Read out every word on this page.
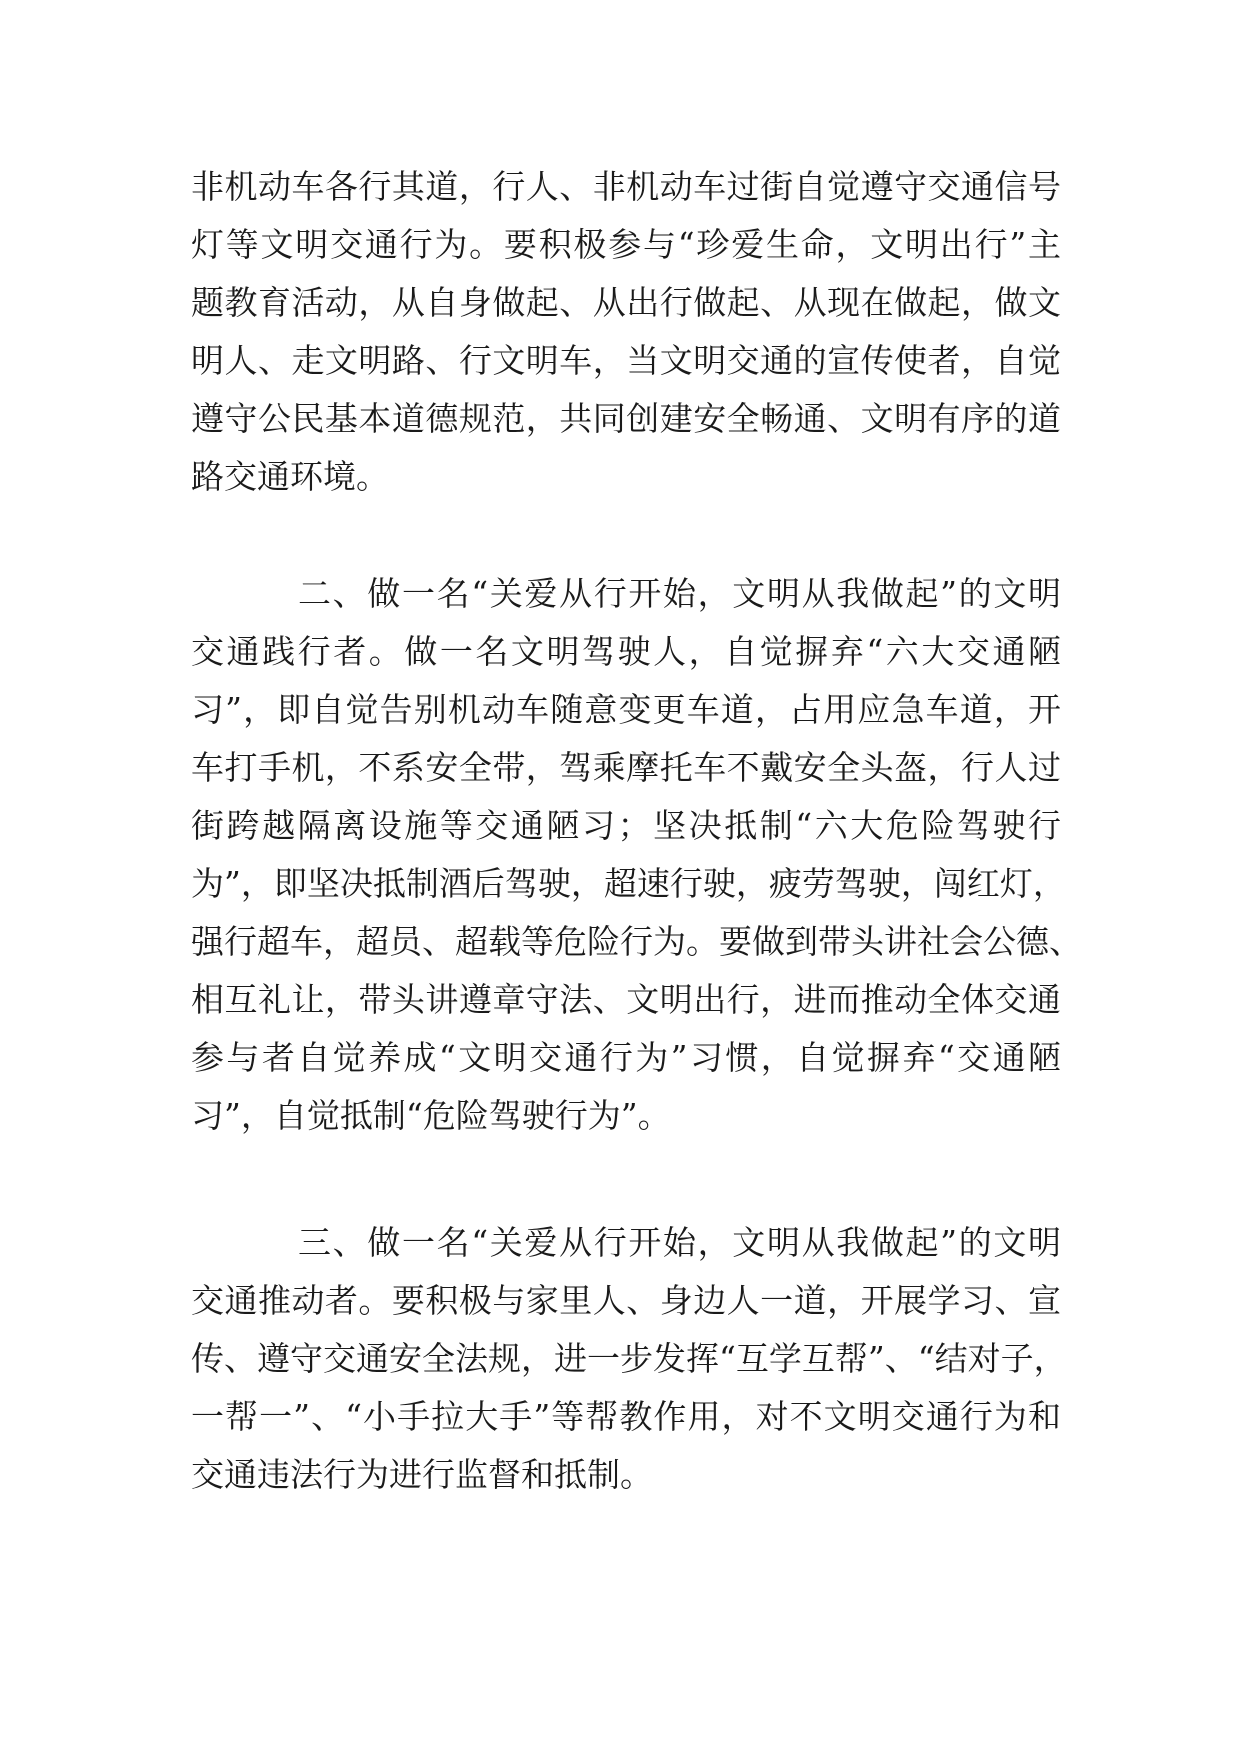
非机动车各行其道，行人、非机动车过街自觉遵守交通信号
灯等文明交通行为。要积极参与“珍爱生命，文明出行”主
题教育活动，从自身做起、从出行做起、从现在做起，做文
明人、走文明路、行文明车，当文明交通的宣传使者，自觉
遵守公民基本道德规范，共同创建安全畅通、文明有序的道
路交通环境。
二、做一名“关爱从行开始，文明从我做起”的文明
交通践行者。做一名文明驾驶人，自觉摒弃“六大交通陋
习”，即自觉告别机动车随意变更车道，占用应急车道，开
车打手机，不系安全带，驾乘摩托车不戴安全头盔，行人过
街跨越隔离设施等交通陋习；坚决抵制“六大危险驾驶行
为”，即坚决抵制酒后驾驶，超速行驶，疲劳驾驶，闯红灯，
强行超车，超员、超载等危险行为。要做到带头讲社会公德、
相互礼让，带头讲遵章守法、文明出行，进而推动全体交通
参与者自觉养成“文明交通行为”习惯，自觉摒弃“交通陋
习”，自觉抵制“危险驾驶行为”。
三、做一名“关爱从行开始，文明从我做起”的文明
交通推动者。要积极与家里人、身边人一道，开展学习、宣
传、遵守交通安全法规，进一步发挥“互学互帮”、“结对子，
一帮一”、“小手拉大手”等帮教作用，对不文明交通行为和
交通违法行为进行监督和抵制。
